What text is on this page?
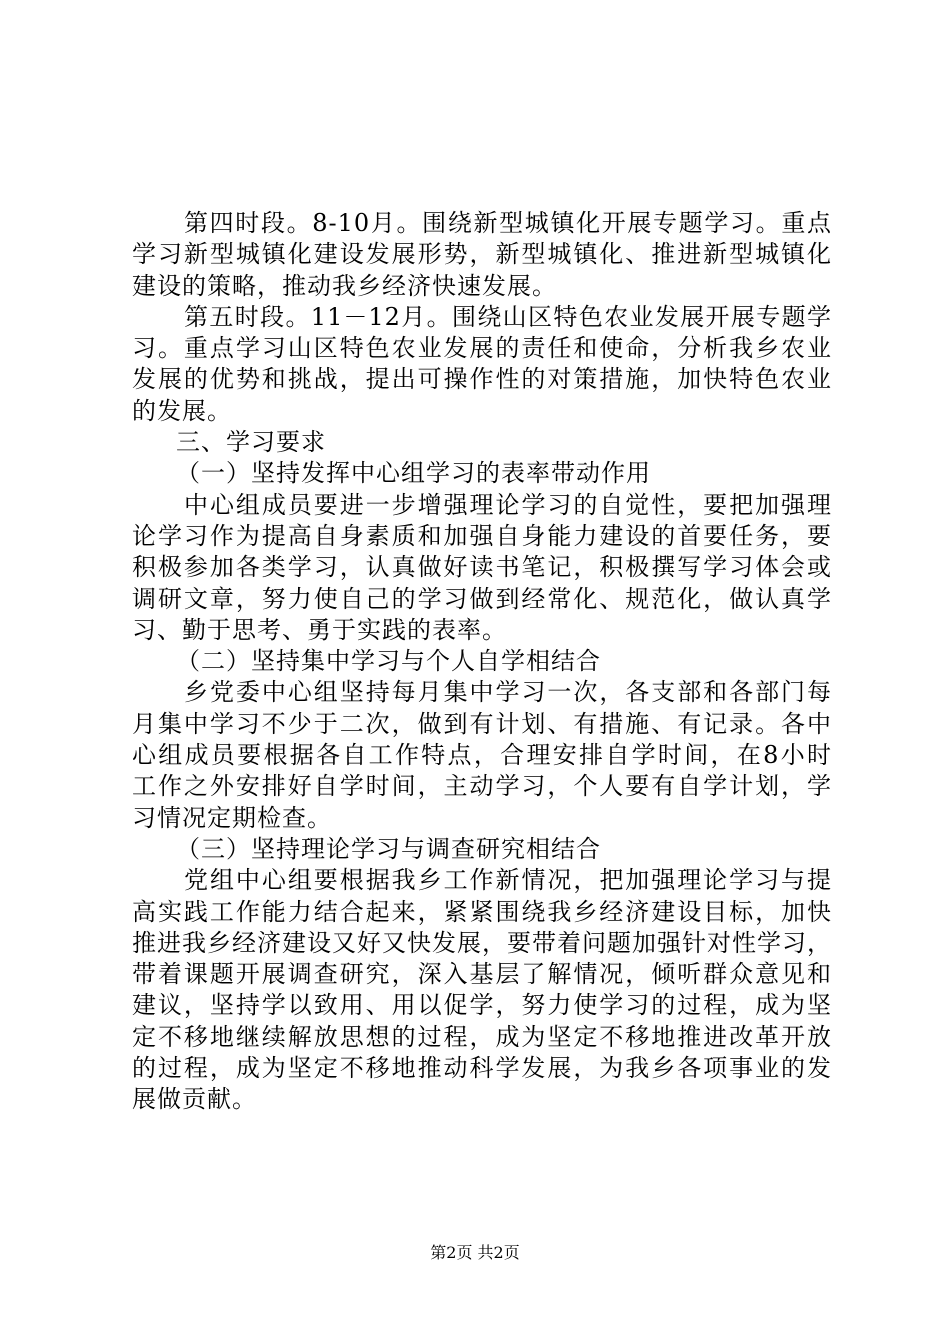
第四时段。8-10月。围绕新型城镇化开展专题学习。重点
学习新型城镇化建设发展形势，新型城镇化、推进新型城镇化
建设的策略，推动我乡经济快速发展。
第五时段。11－12月。围绕山区特色农业发展开展专题学
习。重点学习山区特色农业发展的责任和使命，分析我乡农业
发展的优势和挑战，提出可操作性的对策措施，加快特色农业
的发展。
三、学习要求
（一）坚持发挥中心组学习的表率带动作用
中心组成员要进一步增强理论学习的自觉性，要把加强理
论学习作为提高自身素质和加强自身能力建设的首要任务，要
积极参加各类学习，认真做好读书笔记，积极撰写学习体会或
调研文章，努力使自己的学习做到经常化、规范化，做认真学
习、勤于思考、勇于实践的表率。
（二）坚持集中学习与个人自学相结合
乡党委中心组坚持每月集中学习一次，各支部和各部门每
月集中学习不少于二次，做到有计划、有措施、有记录。各中
心组成员要根据各自工作特点，合理安排自学时间，在8小时
工作之外安排好自学时间，主动学习，个人要有自学计划，学
习情况定期检查。
（三）坚持理论学习与调查研究相结合
党组中心组要根据我乡工作新情况，把加强理论学习与提
高实践工作能力结合起来，紧紧围绕我乡经济建设目标，加快
推进我乡经济建设又好又快发展，要带着问题加强针对性学习，
带着课题开展调查研究，深入基层了解情况，倾听群众意见和
建议，坚持学以致用、用以促学，努力使学习的过程，成为坚
定不移地继续解放思想的过程，成为坚定不移地推进改革开放
的过程，成为坚定不移地推动科学发展，为我乡各项事业的发
展做贡献。
第2页 共2页
